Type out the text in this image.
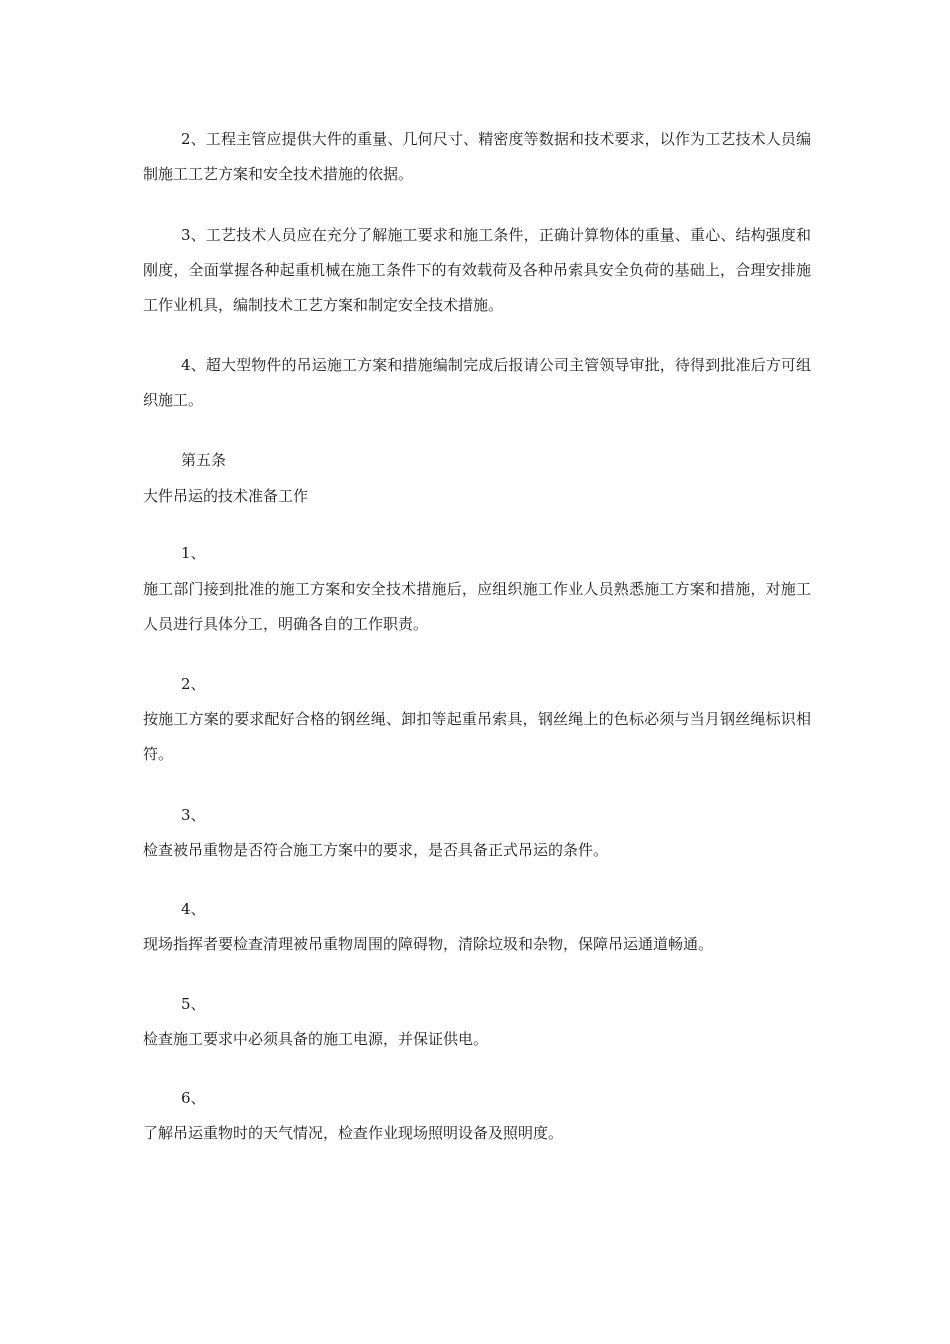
2、工程主管应提供大件的重量、几何尺寸、精密度等数据和技术要求，以作为工艺技术人员编制施工工艺方案和安全技术措施的依据。
3、工艺技术人员应在充分了解施工要求和施工条件，正确计算物体的重量、重心、结构强度和刚度，全面掌握各种起重机械在施工条件下的有效载荷及各种吊索具安全负荷的基础上，合理安排施工作业机具，编制技术工艺方案和制定安全技术措施。
4、超大型物件的吊运施工方案和措施编制完成后报请公司主管领导审批，待得到批准后方可组织施工。
第五条
大件吊运的技术准备工作
1、
施工部门接到批准的施工方案和安全技术措施后，应组织施工作业人员熟悉施工方案和措施，对施工人员进行具体分工，明确各自的工作职责。
2、
按施工方案的要求配好合格的钢丝绳、卸扣等起重吊索具，钢丝绳上的色标必须与当月钢丝绳标识相符。
3、
检查被吊重物是否符合施工方案中的要求，是否具备正式吊运的条件。
4、
现场指挥者要检查清理被吊重物周围的障碍物，清除垃圾和杂物，保障吊运通道畅通。
5、
检查施工要求中必须具备的施工电源，并保证供电。
6、
了解吊运重物时的天气情况，检查作业现场照明设备及照明度。
